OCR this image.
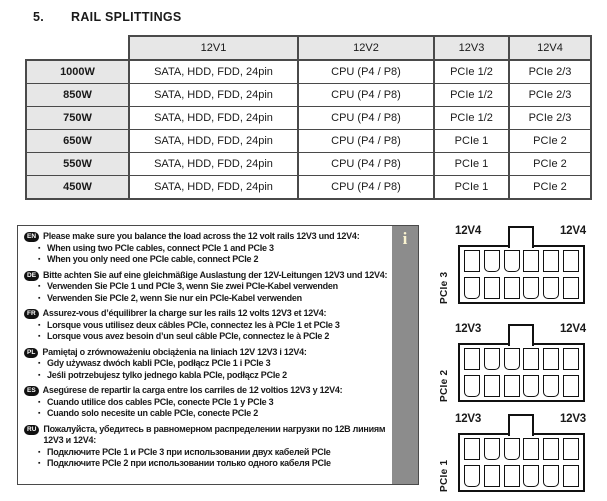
5. RAIL SPLITTINGS
	12V1	12V2	12V3	12V4
1000W	SATA, HDD, FDD, 24pin	CPU (P4 / P8)	PCIe 1/2	PCIe 2/3
850W	SATA, HDD, FDD, 24pin	CPU (P4 / P8)	PCIe 1/2	PCIe 2/3
750W	SATA, HDD, FDD, 24pin	CPU (P4 / P8)	PCIe 1/2	PCIe 2/3
650W	SATA, HDD, FDD, 24pin	CPU (P4 / P8)	PCIe 1	PCIe 2
550W	SATA, HDD, FDD, 24pin	CPU (P4 / P8)	PCIe 1	PCIe 2
450W	SATA, HDD, FDD, 24pin	CPU (P4 / P8)	PCIe 1	PCIe 2
EN Please make sure you balance the load across the 12 volt rails 12V3 und 12V4:
▪ When using two PCIe cables, connect PCIe 1 and PCIe 3
▪ When you only need one PCIe cable, connect PCIe 2
DE Bitte achten Sie auf eine gleichmäßige Auslastung der 12V-Leitungen 12V3 und 12V4:
▪ Verwenden Sie PCIe 1 und PCIe 3, wenn Sie zwei PCIe-Kabel verwenden
▪ Verwenden Sie PCIe 2, wenn Sie nur ein PCIe-Kabel verwenden
FR Assurez-vous d’équilibrer la charge sur les rails 12 volts 12V3 et 12V4:
▪ Lorsque vous utilisez deux câbles PCIe, connectez les à PCIe 1 et PCIe 3
▪ Lorsque vous avez besoin d’un seul câble PCIe, connectez le à PCIe 2
PL Pamiętaj o zrównoważeniu obciążenia na liniach 12V 12V3 i 12V4:
▪ Gdy używasz dwóch kabli PCIe, podłącz PCIe 1 i PCIe 3
▪ Jeśli potrzebujesz tylko jednego kabla PCIe, podłącz PCIe 2
ES Asegúrese de repartir la carga entre los carriles de 12 voltios 12V3 y 12V4:
▪ Cuando utilice dos cables PCIe, conecte PCIe 1 y PCIe 3
▪ Cuando solo necesite un cable PCIe, conecte PCIe 2
RU Пожалуйста, убедитесь в равномерном распределении нагрузки по 12В линиям 12V3 и 12V4:
▪ Подключите PCIe 1 и PCIe 3 при использовании двух кабелей PCIe
▪ Подключите PCIe 2 при использовании только одного кабеля PCIe
i	12V4	12V4
PCIe 3
12V3	12V4
PCIe 2
12V3	12V3
PCIe 1
